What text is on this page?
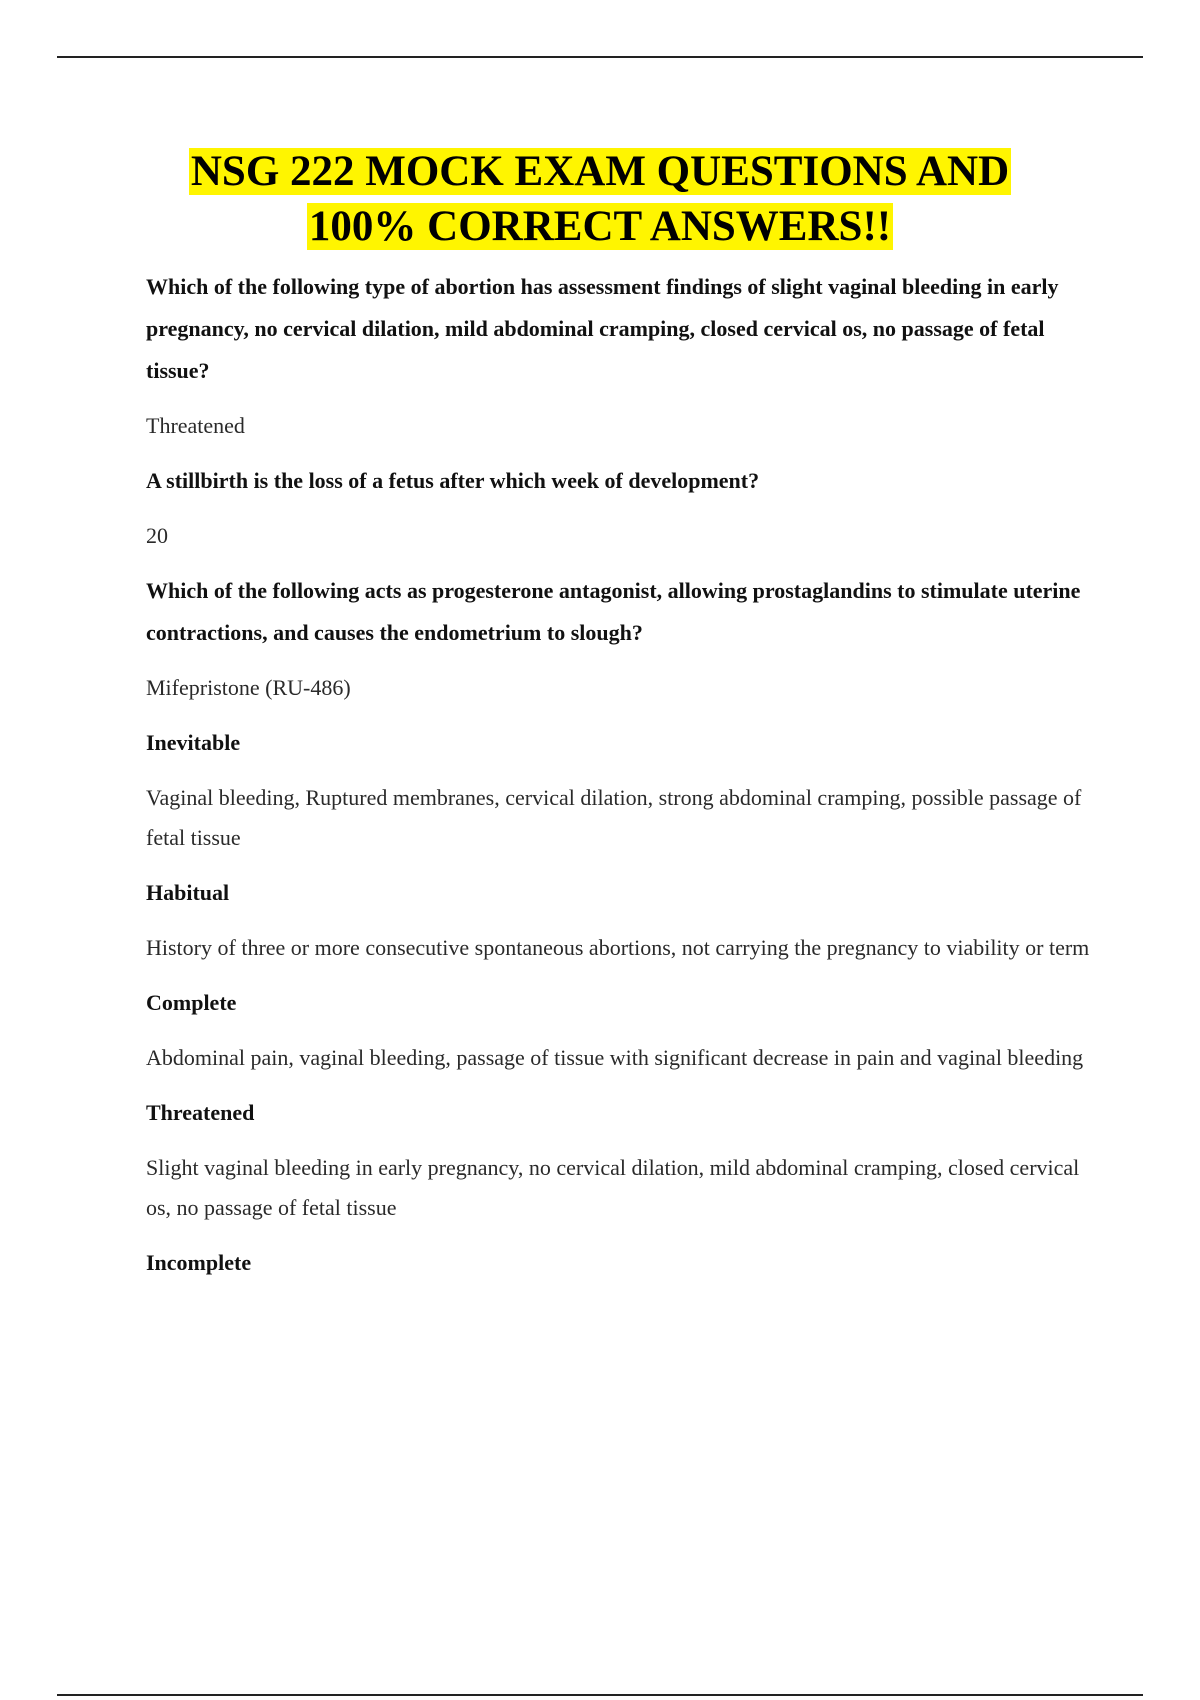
NSG 222 MOCK EXAM QUESTIONS AND
100% CORRECT ANSWERS!!

Which of the following type of abortion has assessment findings of slight vaginal bleeding in early pregnancy, no cervical dilation, mild abdominal cramping, closed cervical os, no passage of fetal tissue?

Threatened

A stillbirth is the loss of a fetus after which week of development?

20

Which of the following acts as progesterone antagonist, allowing prostaglandins to stimulate uterine contractions, and causes the endometrium to slough?

Mifepristone (RU-486)

Inevitable

Vaginal bleeding, Ruptured membranes, cervical dilation, strong abdominal cramping, possible passage of fetal tissue

Habitual

History of three or more consecutive spontaneous abortions, not carrying the pregnancy to viability or term

Complete

Abdominal pain, vaginal bleeding, passage of tissue with significant decrease in pain and vaginal bleeding

Threatened

Slight vaginal bleeding in early pregnancy, no cervical dilation, mild abdominal cramping, closed cervical os, no passage of fetal tissue

Incomplete
